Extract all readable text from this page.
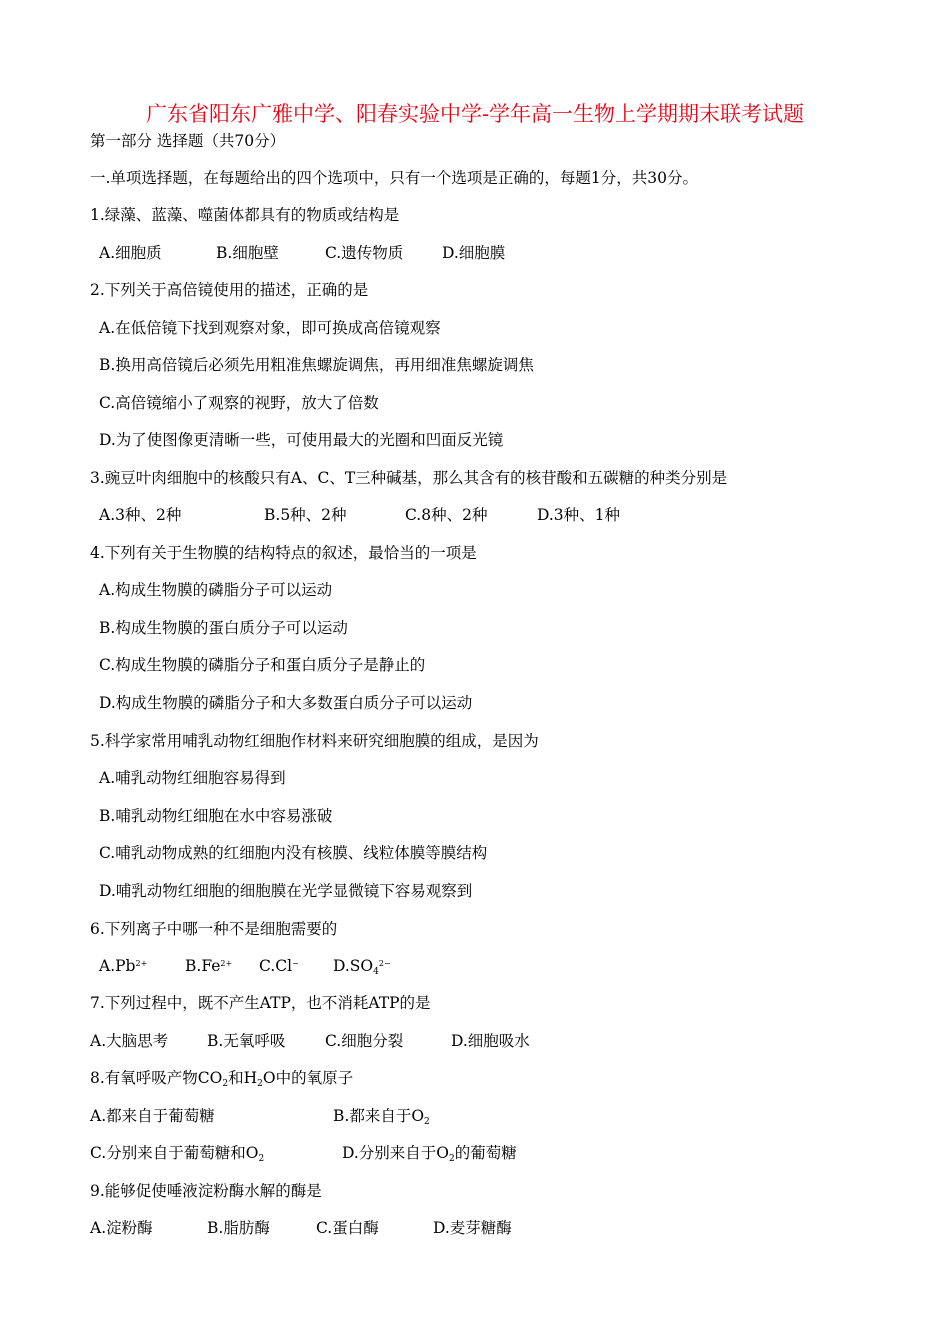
广东省阳东广雅中学、阳春实验中学-学年高一生物上学期期末联考试题
第一部分 选择题（共70分）
一.单项选择题，在每题给出的四个选项中，只有一个选项是正确的，每题1分，共30分。
1.绿藻、蓝藻、噬菌体都具有的物质或结构是
A.细胞质	B.细胞壁	C.遗传物质	D.细胞膜
2.下列关于高倍镜使用的描述，正确的是
A.在低倍镜下找到观察对象，即可换成高倍镜观察
B.换用高倍镜后必须先用粗准焦螺旋调焦，再用细准焦螺旋调焦
C.高倍镜缩小了观察的视野，放大了倍数
D.为了使图像更清晰一些，可使用最大的光圈和凹面反光镜
3.豌豆叶肉细胞中的核酸只有A、C、T三种碱基，那么其含有的核苷酸和五碳糖的种类分别是
A.3种、2种	B.5种、2种	C.8种、2种	D.3种、1种
4.下列有关于生物膜的结构特点的叙述，最恰当的一项是
A.构成生物膜的磷脂分子可以运动
B.构成生物膜的蛋白质分子可以运动
C.构成生物膜的磷脂分子和蛋白质分子是静止的
D.构成生物膜的磷脂分子和大多数蛋白质分子可以运动
5.科学家常用哺乳动物红细胞作材料来研究细胞膜的组成，是因为
A.哺乳动物红细胞容易得到
B.哺乳动物红细胞在水中容易涨破
C.哺乳动物成熟的红细胞内没有核膜、线粒体膜等膜结构
D.哺乳动物红细胞的细胞膜在光学显微镜下容易观察到
6.下列离子中哪一种不是细胞需要的
$A.Pb^{2+}$ $B.Fe^{2+}$ C.Cl− $D.SO_4^{2-}$
7.下列过程中，既不产生ATP，也不消耗ATP的是
A.大脑思考	B.无氧呼吸	C.细胞分裂	D.细胞吸水
8.有氧呼吸产物$CO_2$和$H_2O$中的氧原子
A.都来自于葡萄糖	B.都来自于$O_2$
C.分别来自于葡萄糖和$O_2$	D.分别来自于$O_2$的葡萄糖
9.能够促使唾液淀粉酶水解的酶是
A.淀粉酶	B.脂肪酶	C.蛋白酶	D.麦芽糖酶
